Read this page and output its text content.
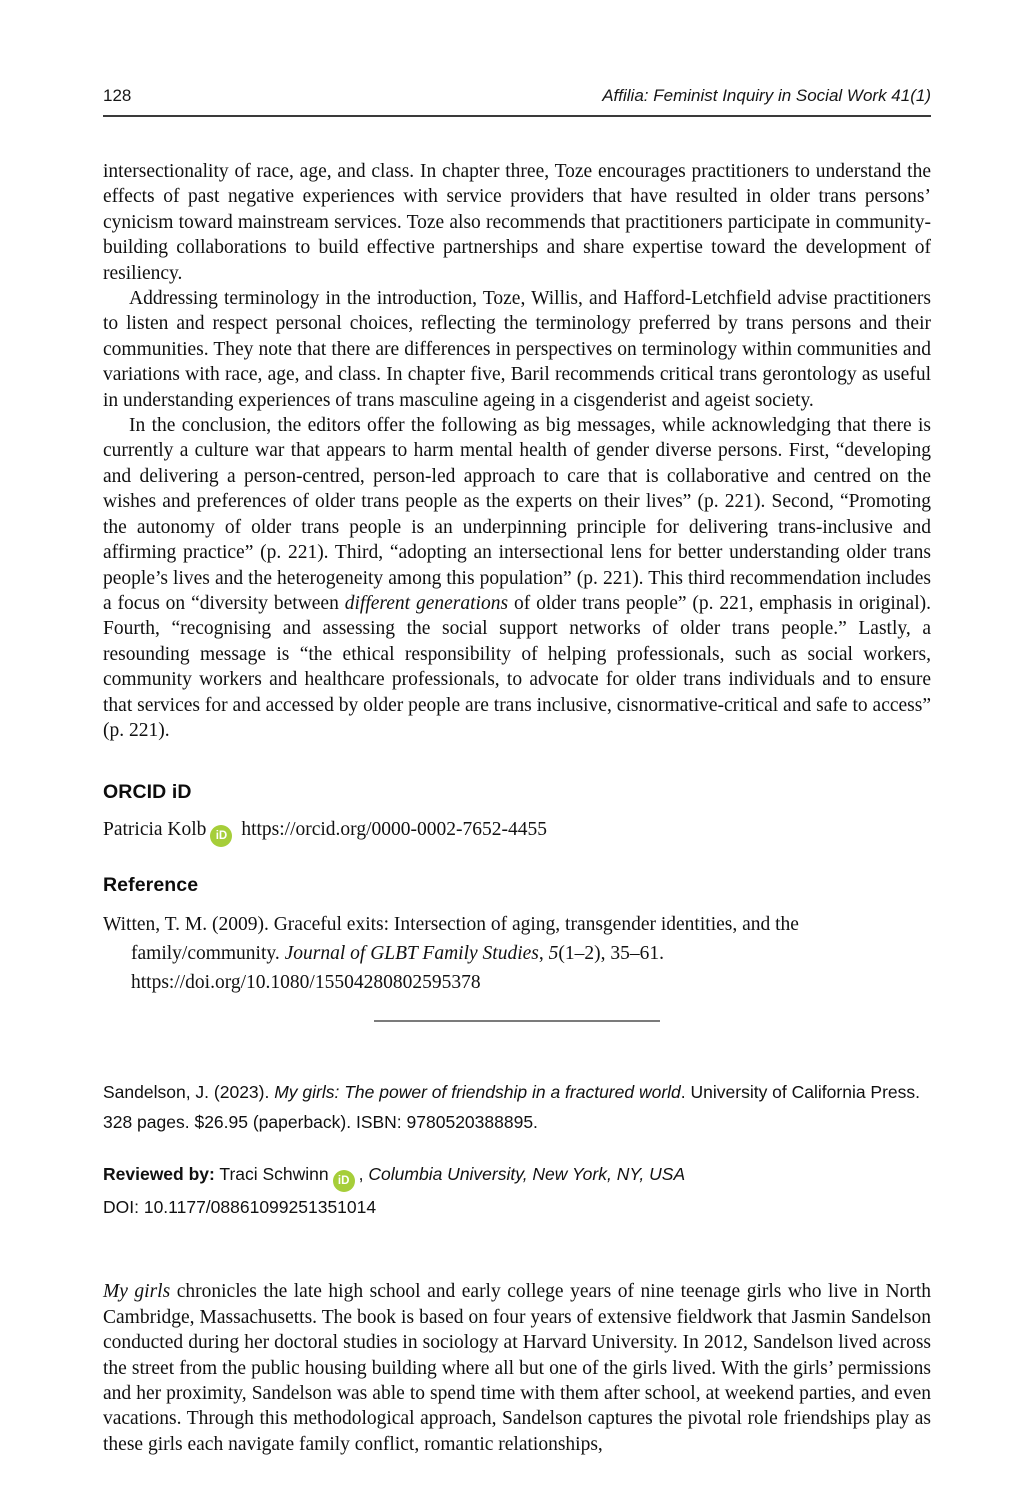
128	Affilia: Feminist Inquiry in Social Work 41(1)

intersectionality of race, age, and class. In chapter three, Toze encourages practitioners to understand the effects of past negative experiences with service providers that have resulted in older trans persons’ cynicism toward mainstream services. Toze also recommends that practitioners participate in community-building collaborations to build effective partnerships and share expertise toward the development of resiliency.

Addressing terminology in the introduction, Toze, Willis, and Hafford-Letchfield advise practitioners to listen and respect personal choices, reflecting the terminology preferred by trans persons and their communities. They note that there are differences in perspectives on terminology within communities and variations with race, age, and class. In chapter five, Baril recommends critical trans gerontology as useful in understanding experiences of trans masculine ageing in a cisgenderist and ageist society.

In the conclusion, the editors offer the following as big messages, while acknowledging that there is currently a culture war that appears to harm mental health of gender diverse persons. First, “developing and delivering a person-centred, person-led approach to care that is collaborative and centred on the wishes and preferences of older trans people as the experts on their lives” (p. 221). Second, “Promoting the autonomy of older trans people is an underpinning principle for delivering trans-inclusive and affirming practice” (p. 221). Third, “adopting an intersectional lens for better understanding older trans people’s lives and the heterogeneity among this population” (p. 221). This third recommendation includes a focus on “diversity between different generations of older trans people” (p. 221, emphasis in original). Fourth, “recognising and assessing the social support networks of older trans people.” Lastly, a resounding message is “the ethical responsibility of helping professionals, such as social workers, community workers and healthcare professionals, to advocate for older trans individuals and to ensure that services for and accessed by older people are trans inclusive, cisnormative-critical and safe to access” (p. 221).

ORCID iD

Patricia Kolb iD https://orcid.org/0000-0002-7652-4455

Reference

Witten, T. M. (2009). Graceful exits: Intersection of aging, transgender identities, and the family/community. Journal of GLBT Family Studies, 5(1–2), 35–61. https://doi.org/10.1080/15504280802595378

Sandelson, J. (2023). My girls: The power of friendship in a fractured world. University of California Press. 328 pages. $26.95 (paperback). ISBN: 9780520388895.

Reviewed by: Traci Schwinn iD , Columbia University, New York, NY, USA

DOI: 10.1177/08861099251351014

My girls chronicles the late high school and early college years of nine teenage girls who live in North Cambridge, Massachusetts. The book is based on four years of extensive fieldwork that Jasmin Sandelson conducted during her doctoral studies in sociology at Harvard University. In 2012, Sandelson lived across the street from the public housing building where all but one of the girls lived. With the girls’ permissions and her proximity, Sandelson was able to spend time with them after school, at weekend parties, and even vacations. Through this methodological approach, Sandelson captures the pivotal role friendships play as these girls each navigate family conflict, romantic relationships,
